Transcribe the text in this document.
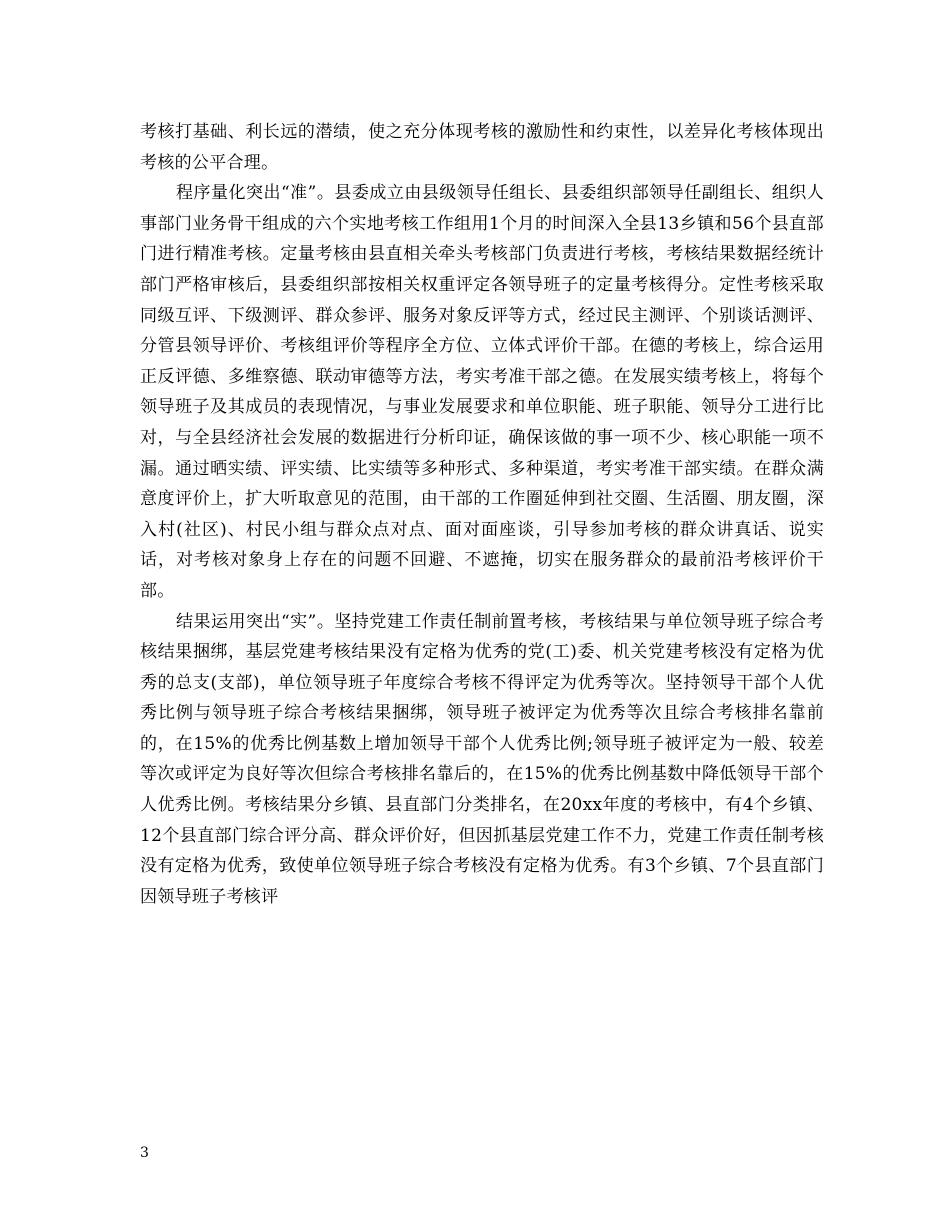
考核打基础、利长远的潜绩，使之充分体现考核的激励性和约束性，以差异化考核体现出考核的公平合理。

程序量化突出“准”。县委成立由县级领导任组长、县委组织部领导任副组长、组织人事部门业务骨干组成的六个实地考核工作组用1个月的时间深入全县13乡镇和56个县直部门进行精准考核。定量考核由县直相关牵头考核部门负责进行考核，考核结果数据经统计部门严格审核后，县委组织部按相关权重评定各领导班子的定量考核得分。定性考核采取同级互评、下级测评、群众参评、服务对象反评等方式，经过民主测评、个别谈话测评、分管县领导评价、考核组评价等程序全方位、立体式评价干部。在德的考核上，综合运用正反评德、多维察德、联动审德等方法，考实考准干部之德。在发展实绩考核上，将每个领导班子及其成员的表现情况，与事业发展要求和单位职能、班子职能、领导分工进行比对，与全县经济社会发展的数据进行分析印证，确保该做的事一项不少、核心职能一项不漏。通过晒实绩、评实绩、比实绩等多种形式、多种渠道，考实考准干部实绩。在群众满意度评价上，扩大听取意见的范围，由干部的工作圈延伸到社交圈、生活圈、朋友圈，深入村(社区)、村民小组与群众点对点、面对面座谈，引导参加考核的群众讲真话、说实话，对考核对象身上存在的问题不回避、不遮掩，切实在服务群众的最前沿考核评价干部。

结果运用突出“实”。坚持党建工作责任制前置考核，考核结果与单位领导班子综合考核结果捆绑，基层党建考核结果没有定格为优秀的党(工)委、机关党建考核没有定格为优秀的总支(支部)，单位领导班子年度综合考核不得评定为优秀等次。坚持领导干部个人优秀比例与领导班子综合考核结果捆绑，领导班子被评定为优秀等次且综合考核排名靠前的，在15%的优秀比例基数上增加领导干部个人优秀比例;领导班子被评定为一般、较差等次或评定为良好等次但综合考核排名靠后的，在15%的优秀比例基数中降低领导干部个人优秀比例。考核结果分乡镇、县直部门分类排名，在20xx年度的考核中，有4个乡镇、12个县直部门综合评分高、群众评价好，但因抓基层党建工作不力，党建工作责任制考核没有定格为优秀，致使单位领导班子综合考核没有定格为优秀。有3个乡镇、7个县直部门因领导班子考核评

3
